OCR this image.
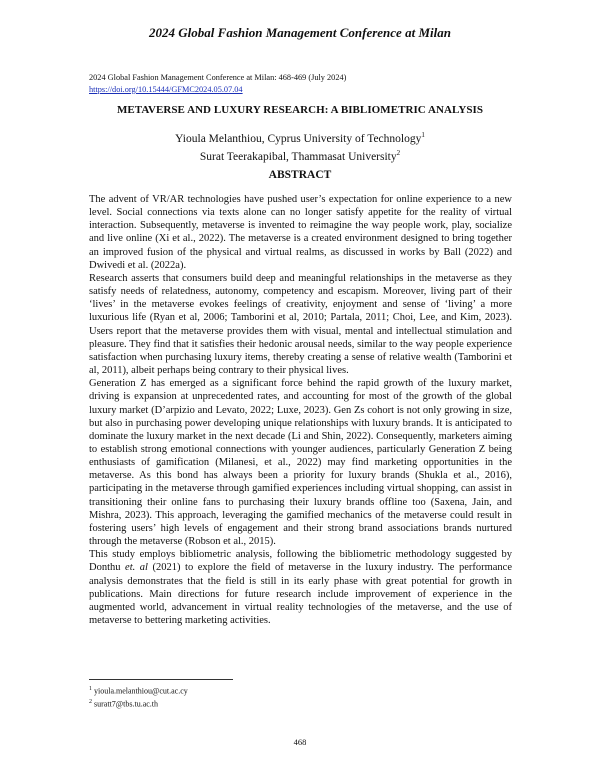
2024 Global Fashion Management Conference at Milan
2024 Global Fashion Management Conference at Milan: 468-469 (July 2024)
https://doi.org/10.15444/GFMC2024.05.07.04
METAVERSE AND LUXURY RESEARCH: A BIBLIOMETRIC ANALYSIS
Yioula Melanthiou, Cyprus University of Technology$^1$
Surat Teerakapibal, Thammasat University$^2$
ABSTRACT

The advent of VR/AR technologies have pushed user’s expectation for online experience to a new level. Social connections via texts alone can no longer satisfy appetite for the reality of virtual interaction. Subsequently, metaverse is invented to reimagine the way people work, play, socialize and live online (Xi et al., 2022). The metaverse is a created environment designed to bring together an improved fusion of the physical and virtual realms, as discussed in works by Ball (2022) and Dwivedi et al. (2022a).

Research asserts that consumers build deep and meaningful relationships in the metaverse as they satisfy needs of relatedness, autonomy, competency and escapism. Moreover, living part of their ‘lives’ in the metaverse evokes feelings of creativity, enjoyment and sense of ‘living’ a more luxurious life (Ryan et al, 2006; Tamborini et al, 2010; Partala, 2011; Choi, Lee, and Kim, 2023). Users report that the metaverse provides them with visual, mental and intellectual stimulation and pleasure. They find that it satisfies their hedonic arousal needs, similar to the way people experience satisfaction when purchasing luxury items, thereby creating a sense of relative wealth (Tamborini et al, 2011), albeit perhaps being contrary to their physical lives.

Generation Z has emerged as a significant force behind the rapid growth of the luxury market, driving is expansion at unprecedented rates, and accounting for most of the growth of the global luxury market (D’arpizio and Levato, 2022; Luxe, 2023). Gen Zs cohort is not only growing in size, but also in purchasing power developing unique relationships with luxury brands. It is anticipated to dominate the luxury market in the next decade (Li and Shin, 2022). Consequently, marketers aiming to establish strong emotional connections with younger audiences, particularly Generation Z being enthusiasts of gamification (Milanesi, et al., 2022) may find marketing opportunities in the metaverse. As this bond has always been a priority for luxury brands (Shukla et al., 2016), participating in the metaverse through gamified experiences including virtual shopping, can assist in transitioning their online fans to purchasing their luxury brands offline too (Saxena, Jain, and Mishra, 2023). This approach, leveraging the gamified mechanics of the metaverse could result in fostering users’ high levels of engagement and their strong brand associations brands nurtured through the metaverse (Robson et al., 2015).

This study employs bibliometric analysis, following the bibliometric methodology suggested by Donthu et. al (2021) to explore the field of metaverse in the luxury industry. The performance analysis demonstrates that the field is still in its early phase with great potential for growth in publications. Main directions for future research include improvement of experience in the augmented world, advancement in virtual reality technologies of the metaverse, and the use of metaverse to bettering marketing activities.

$^1$ yioula.melanthiou@cut.ac.cy
$^2$ suratt7@tbs.tu.ac.th
468
